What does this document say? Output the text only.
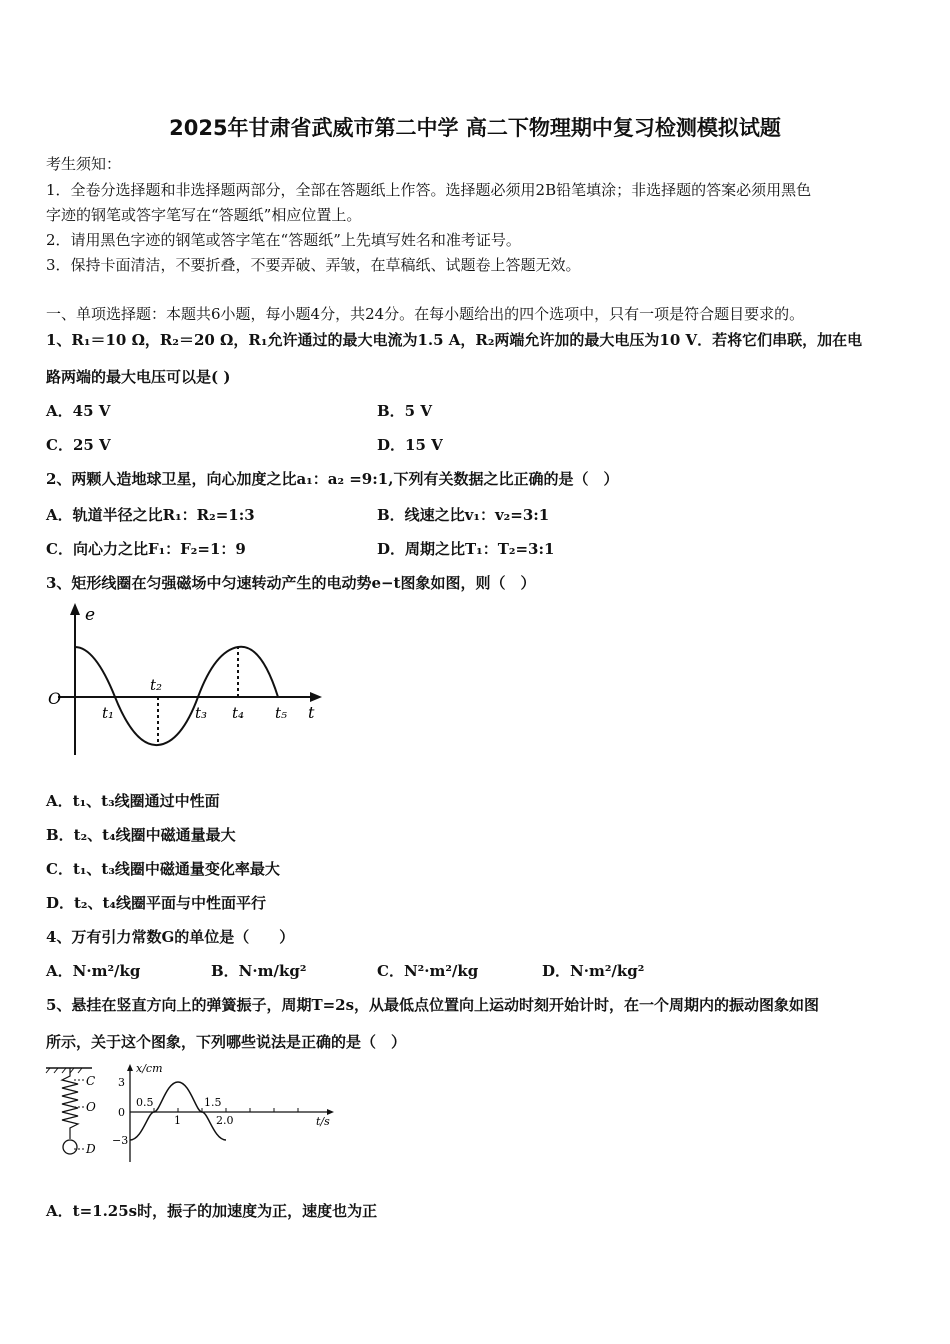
2025年甘肃省武威市第二中学 高二下物理期中复习检测模拟试题
考生须知：
1．全卷分选择题和非选择题两部分，全部在答题纸上作答。选择题必须用2B铅笔填涂；非选择题的答案必须用黑色
字迹的钢笔或答字笔写在“答题纸”相应位置上。
2．请用黑色字迹的钢笔或答字笔在“答题纸”上先填写姓名和准考证号。
3．保持卡面清洁，不要折叠，不要弄破、弄皱，在草稿纸、试题卷上答题无效。
一、单项选择题：本题共6小题，每小题4分，共24分。在每小题给出的四个选项中，只有一项是符合题目要求的。
1、R₁＝10 Ω，R₂＝20 Ω，R₁允许通过的最大电流为1.5 A，R₂两端允许加的最大电压为10 V．若将它们串联，加在电
路两端的最大电压可以是( )
A．45 V	B．5 V
C．25 V	D．15 V
2、两颗人造地球卫星，向心加度之比a₁：a₂ =9:1,下列有关数据之比正确的是（　）
A．轨道半径之比R₁：R₂=1:3	B．线速之比v₁：v₂=3:1
C．向心力之比F₁：F₂=1：9	D．周期之比T₁：T₂=3:1
3、矩形线圈在匀强磁场中匀速转动产生的电动势e−t图象如图，则（　）
e
O
t
t₁
t₂
t₃ t₄ t₅
A．t₁、t₃线圈通过中性面
B．t₂、t₄线圈中磁通量最大
C．t₁、t₃线圈中磁通量变化率最大
D．t₂、t₄线圈平面与中性面平行
4、万有引力常数G的单位是（　　）
A．N·m²/kg	B．N·m/kg²	C．N²·m²/kg	D．N·m²/kg²
5、悬挂在竖直方向上的弹簧振子，周期T=2s，从最低点位置向上运动时刻开始计时，在一个周期内的振动图象如图
所示，关于这个图象，下列哪些说法是正确的是（　）
C
O
D
x/cm
t/s
3
0
−3
0.5
1
1.5
2.0
A．t=1.25s时，振子的加速度为正，速度也为正
